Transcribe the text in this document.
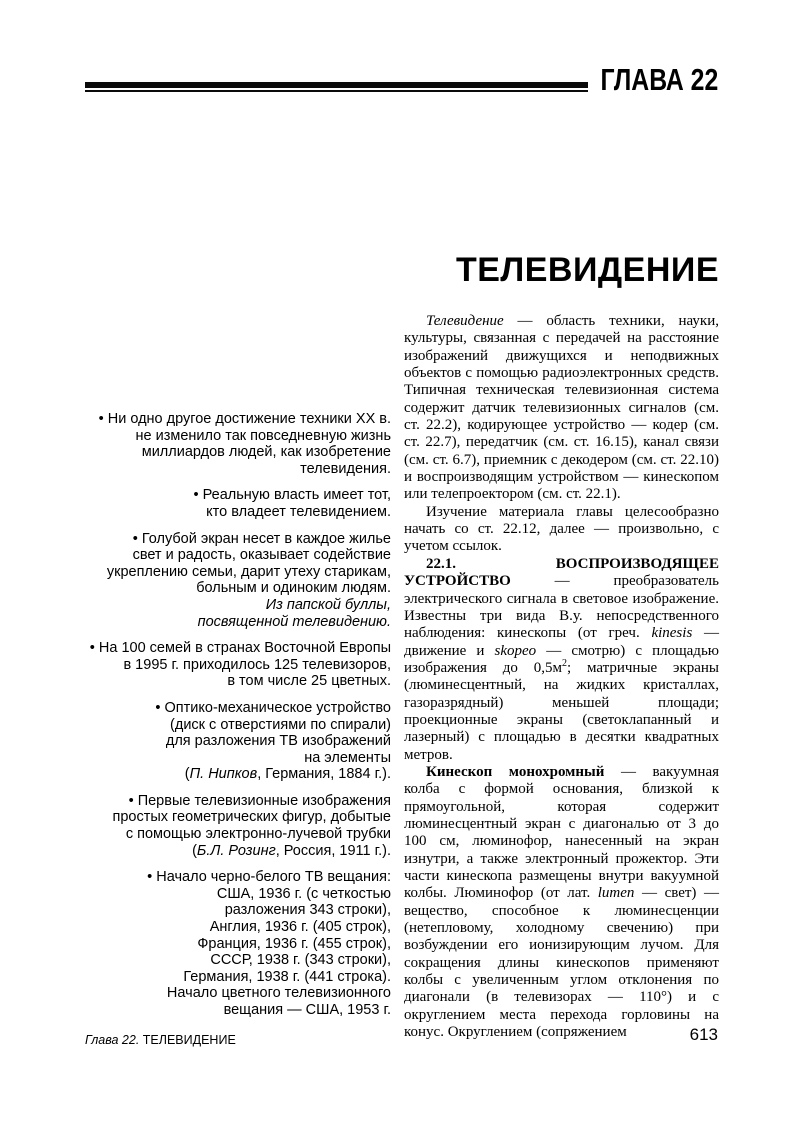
ГЛАВА 22
ТЕЛЕВИДЕНИЕ
• Ни одно другое достижение техники XX в.
не изменило так повседневную жизнь
миллиардов людей, как изобретение
телевидения.
• Реальную власть имеет тот,
кто владеет телевидением.
• Голубой экран несет в каждое жилье
свет и радость, оказывает содействие
укреплению семьи, дарит утеху старикам,
больным и одиноким людям.
Из папской буллы,
посвященной телевидению.
• На 100 семей в странах Восточной Европы
в 1995 г. приходилось 125 телевизоров,
в том числе 25 цветных.
• Оптико-механическое устройство
(диск с отверстиями по спирали)
для разложения ТВ изображений
на элементы
(П. Нипков, Германия, 1884 г.).
• Первые телевизионные изображения
простых геометрических фигур, добытые
с помощью электронно-лучевой трубки
(Б.Л. Розинг, Россия, 1911 г.).
• Начало черно-белого ТВ вещания:
США, 1936 г. (с четкостью
разложения 343 строки),
Англия, 1936 г. (405 строк),
Франция, 1936 г. (455 строк),
СССР, 1938 г. (343 строки),
Германия, 1938 г. (441 строка).
Начало цветного телевизионного
вещания — США, 1953 г.

Телевидение — область техники, науки, культуры, связанная с передачей на расстояние изображений движущихся и неподвижных объектов с помощью радиоэлектронных средств. Типичная техническая телевизионная система содержит датчик телевизионных сигналов (см. ст. 22.2), кодирующее устройство — кодер (см. ст. 22.7), передатчик (см. ст. 16.15), канал связи (см. ст. 6.7), приемник с декодером (см. ст. 22.10) и воспроизводящим устройством — кинескопом или телепроектором (см. ст. 22.1).

Изучение материала главы целесообразно начать со ст. 22.12, далее — произвольно, с учетом ссылок.

22.1. ВОСПРОИЗВОДЯЩЕЕ УСТРОЙСТВО — преобразователь электрического сигнала в световое изображение. Известны три вида В.у. непосредственного наблюдения: кинескопы (от греч. kinesis — движение и skopeo — смотрю) с площадью изображения до $0,5м^2$; матричные экраны (люминесцентный, на жидких кристаллах, газоразрядный) меньшей площади; проекционные экраны (светоклапанный и лазерный) с площадью в десятки квадратных метров.

Кинескоп монохромный — вакуумная колба с формой основания, близкой к прямоугольной, которая содержит люминесцентный экран с диагональю от 3 до 100 см, люминофор, нанесенный на экран изнутри, а также электронный прожектор. Эти части кинескопа размещены внутри вакуумной колбы. Люминофор (от лат. lumen — свет) — вещество, способное к люминесценции (нетепловому, холодному свечению) при возбуждении его ионизирующим лучом. Для сокращения длины кинескопов применяют колбы с увеличенным углом отклонения по диагонали (в телевизорах — 110°) и с округлением места перехода горловины на конус. Округлением (сопряжением

Глава 22. ТЕЛЕВИДЕНИЕ	613
